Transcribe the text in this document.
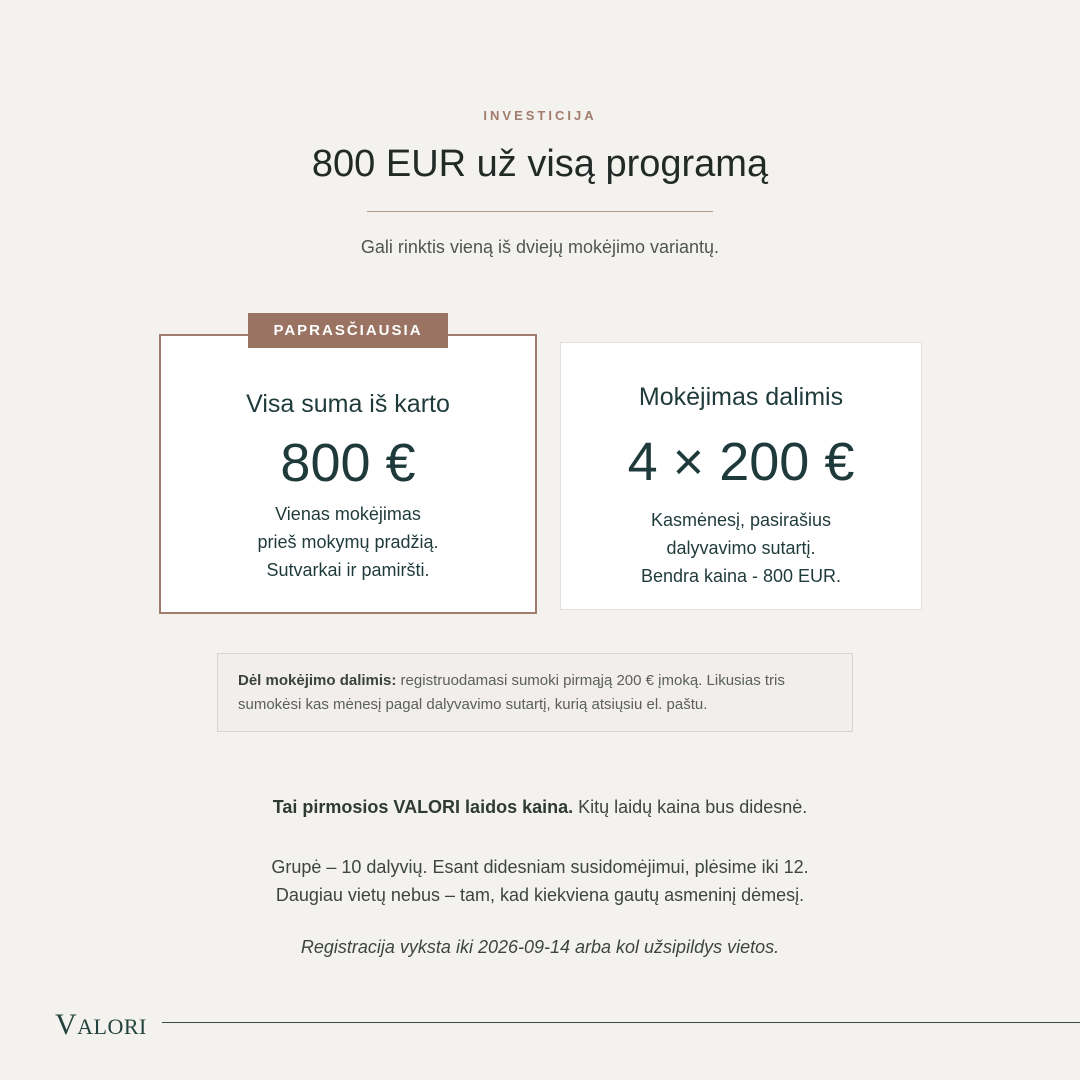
INVESTICIJA
800 EUR už visą programą
Gali rinktis vieną iš dviejų mokėjimo variantų.
Visa suma iš karto
800 €
Vienas mokėjimas
prieš mokymų pradžią.
Sutvarkai ir pamiršti.
PAPRASČIAUSIA
Mokėjimas dalimis
4 × 200 €
Kasmėnesį, pasirašius
dalyvavimo sutartį.
Bendra kaina - 800 EUR.
Dėl mokėjimo dalimis: registruodamasi sumoki pirmąją 200 € įmoką. Likusias tris sumokėsi kas mėnesį pagal dalyvavimo sutartį, kurią atsiųsiu el. paštu.
Tai pirmosios VALORI laidos kaina. Kitų laidų kaina bus didesnė.
Grupė – 10 dalyvių. Esant didesniam susidomėjimui, plėsime iki 12.
Daugiau vietų nebus – tam, kad kiekviena gautų asmeninį dėmesį.
Registracija vyksta iki 2026-09-14 arba kol užsipildys vietos.
VALORI
